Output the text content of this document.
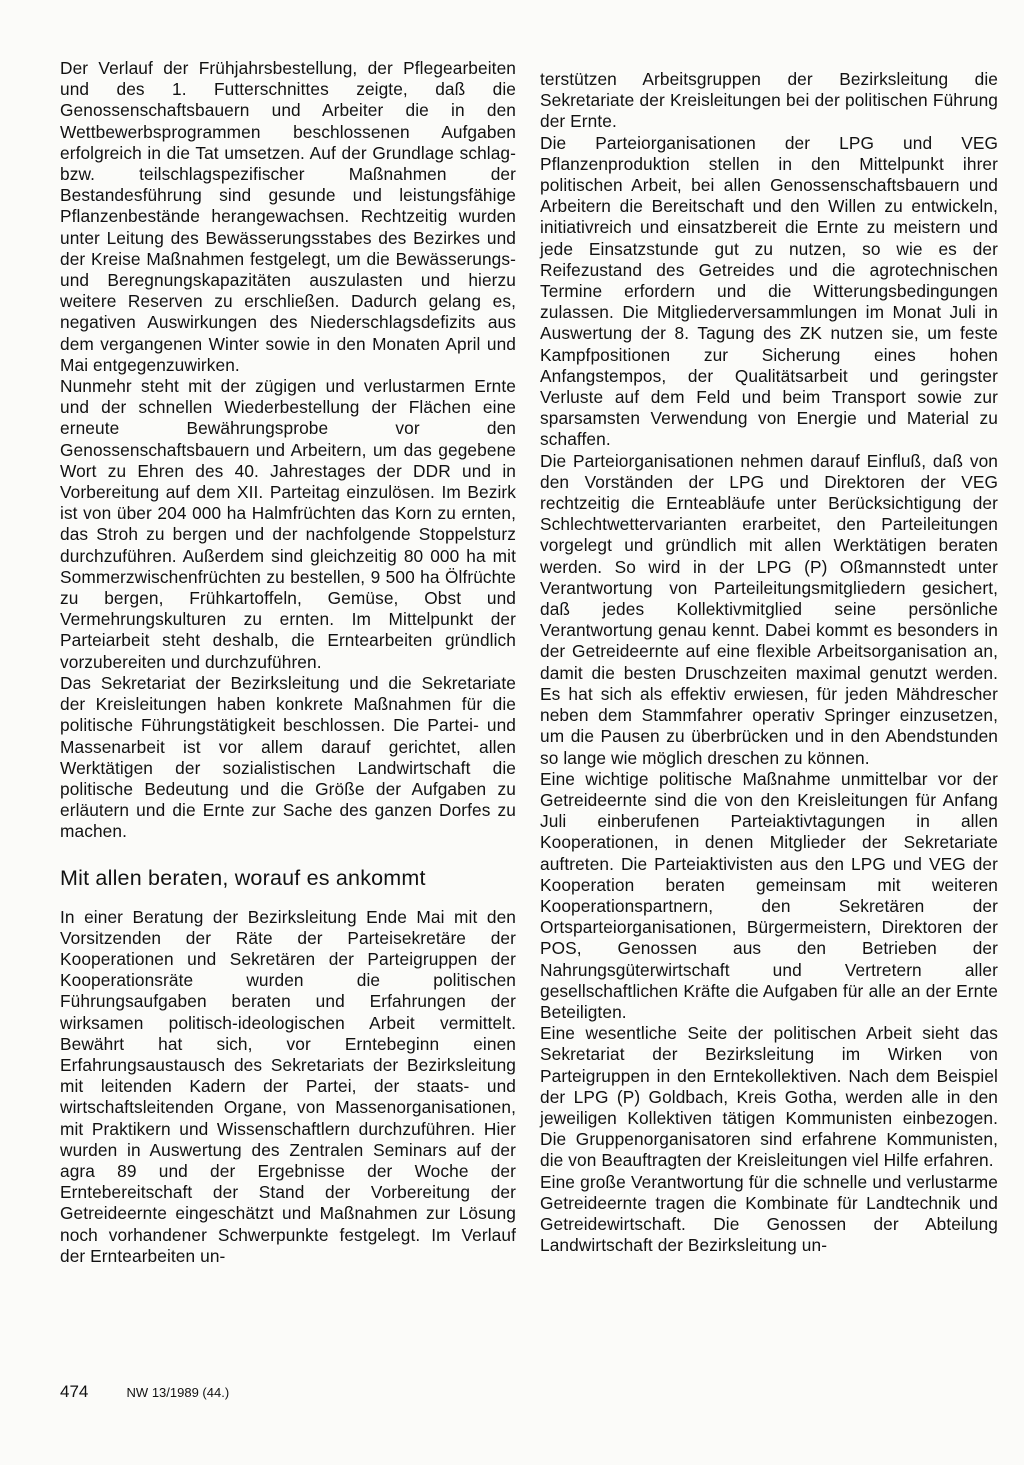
Der Verlauf der Frühjahrsbestellung, der Pflegearbeiten und des 1. Futterschnittes zeigte, daß die Genossenschaftsbauern und Arbeiter die in den Wettbewerbsprogrammen beschlossenen Aufgaben erfolgreich in die Tat umsetzen. Auf der Grundlage schlag- bzw. teilschlagspezifischer Maßnahmen der Bestandesführung sind gesunde und leistungsfähige Pflanzenbestände herangewachsen. Rechtzeitig wurden unter Leitung des Bewässerungsstabes des Bezirkes und der Kreise Maßnahmen festgelegt, um die Bewässerungs- und Beregnungskapazitäten auszulasten und hierzu weitere Reserven zu erschließen. Dadurch gelang es, negativen Auswirkungen des Niederschlagsdefizits aus dem vergangenen Winter sowie in den Monaten April und Mai entgegenzuwirken.

Nunmehr steht mit der zügigen und verlustarmen Ernte und der schnellen Wiederbestellung der Flächen eine erneute Bewährungsprobe vor den Genossenschaftsbauern und Arbeitern, um das gegebene Wort zu Ehren des 40. Jahrestages der DDR und in Vorbereitung auf dem XII. Parteitag einzulösen. Im Bezirk ist von über 204 000 ha Halmfrüchten das Korn zu ernten, das Stroh zu bergen und der nachfolgende Stoppelsturz durchzuführen. Außerdem sind gleichzeitig 80 000 ha mit Sommerzwischenfrüchten zu bestellen, 9 500 ha Ölfrüchte zu bergen, Frühkartoffeln, Gemüse, Obst und Vermehrungskulturen zu ernten. Im Mittelpunkt der Parteiarbeit steht deshalb, die Erntearbeiten gründlich vorzubereiten und durchzuführen.

Das Sekretariat der Bezirksleitung und die Sekretariate der Kreisleitungen haben konkrete Maßnahmen für die politische Führungstätigkeit beschlossen. Die Partei- und Massenarbeit ist vor allem darauf gerichtet, allen Werktätigen der sozialistischen Landwirtschaft die politische Bedeutung und die Größe der Aufgaben zu erläutern und die Ernte zur Sache des ganzen Dorfes zu machen.

Mit allen beraten, worauf es ankommt

In einer Beratung der Bezirksleitung Ende Mai mit den Vorsitzenden der Räte der Parteisekretäre der Kooperationen und Sekretären der Parteigruppen der Kooperationsräte wurden die politischen Führungsaufgaben beraten und Erfahrungen der wirksamen politisch-ideologischen Arbeit vermittelt. Bewährt hat sich, vor Erntebeginn einen Erfahrungsaustausch des Sekretariats der Bezirksleitung mit leitenden Kadern der Partei, der staats- und wirtschaftsleitenden Organe, von Massenorganisationen, mit Praktikern und Wissenschaftlern durchzuführen. Hier wurden in Auswertung des Zentralen Seminars auf der agra 89 und der Ergebnisse der Woche der Erntebereitschaft der Stand der Vorbereitung der Getreideernte eingeschätzt und Maßnahmen zur Lösung noch vorhandener Schwerpunkte festgelegt. Im Verlauf der Erntearbeiten un-

terstützen Arbeitsgruppen der Bezirksleitung die Sekretariate der Kreisleitungen bei der politischen Führung der Ernte.

Die Parteiorganisationen der LPG und VEG Pflanzenproduktion stellen in den Mittelpunkt ihrer politischen Arbeit, bei allen Genossenschaftsbauern und Arbeitern die Bereitschaft und den Willen zu entwickeln, initiativreich und einsatzbereit die Ernte zu meistern und jede Einsatzstunde gut zu nutzen, so wie es der Reifezustand des Getreides und die agrotechnischen Termine erfordern und die Witterungsbedingungen zulassen. Die Mitgliederversammlungen im Monat Juli in Auswertung der 8. Tagung des ZK nutzen sie, um feste Kampfpositionen zur Sicherung eines hohen Anfangstempos, der Qualitätsarbeit und geringster Verluste auf dem Feld und beim Transport sowie zur sparsamsten Verwendung von Energie und Material zu schaffen.

Die Parteiorganisationen nehmen darauf Einfluß, daß von den Vorständen der LPG und Direktoren der VEG rechtzeitig die Ernteabläufe unter Berücksichtigung der Schlechtwettervarianten erarbeitet, den Parteileitungen vorgelegt und gründlich mit allen Werktätigen beraten werden. So wird in der LPG (P) Oßmannstedt unter Verantwortung von Parteileitungsmitgliedern gesichert, daß jedes Kollektivmitglied seine persönliche Verantwortung genau kennt. Dabei kommt es besonders in der Getreideernte auf eine flexible Arbeitsorganisation an, damit die besten Druschzeiten maximal genutzt werden. Es hat sich als effektiv erwiesen, für jeden Mähdrescher neben dem Stammfahrer operativ Springer einzusetzen, um die Pausen zu überbrücken und in den Abendstunden so lange wie möglich dreschen zu können.

Eine wichtige politische Maßnahme unmittelbar vor der Getreideernte sind die von den Kreisleitungen für Anfang Juli einberufenen Parteiaktivtagungen in allen Kooperationen, in denen Mitglieder der Sekretariate auftreten. Die Parteiaktivisten aus den LPG und VEG der Kooperation beraten gemeinsam mit weiteren Kooperationspartnern, den Sekretären der Ortsparteiorganisationen, Bürgermeistern, Direktoren der POS, Genossen aus den Betrieben der Nahrungsgüterwirtschaft und Vertretern aller gesellschaftlichen Kräfte die Aufgaben für alle an der Ernte Beteiligten.

Eine wesentliche Seite der politischen Arbeit sieht das Sekretariat der Bezirksleitung im Wirken von Parteigruppen in den Erntekollektiven. Nach dem Beispiel der LPG (P) Goldbach, Kreis Gotha, werden alle in den jeweiligen Kollektiven tätigen Kommunisten einbezogen. Die Gruppenorganisatoren sind erfahrene Kommunisten, die von Beauftragten der Kreisleitungen viel Hilfe erfahren.

Eine große Verantwortung für die schnelle und verlustarme Getreideernte tragen die Kombinate für Landtechnik und Getreidewirtschaft. Die Genossen der Abteilung Landwirtschaft der Bezirksleitung un-

474	NW 13/1989 (44.)
